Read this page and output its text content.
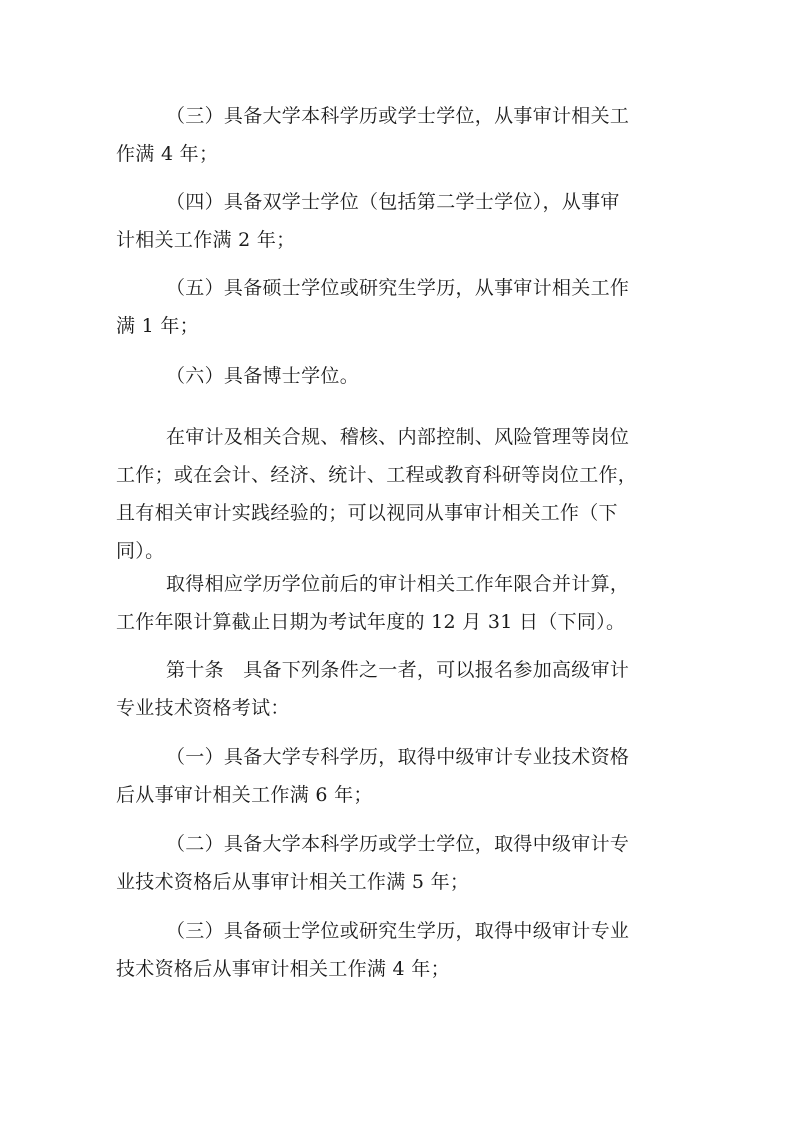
（三）具备大学本科学历或学士学位，从事审计相关工
作满 4 年；
（四）具备双学士学位（包括第二学士学位），从事审
计相关工作满 2 年；
（五）具备硕士学位或研究生学历，从事审计相关工作
满 1 年；
（六）具备博士学位。
在审计及相关合规、稽核、内部控制、风险管理等岗位
工作；或在会计、经济、统计、工程或教育科研等岗位工作，
且有相关审计实践经验的；可以视同从事审计相关工作（下
同）。
取得相应学历学位前后的审计相关工作年限合并计算，
工作年限计算截止日期为考试年度的 12 月 31 日（下同）。
第十条　具备下列条件之一者，可以报名参加高级审计
专业技术资格考试：
（一）具备大学专科学历，取得中级审计专业技术资格
后从事审计相关工作满 6 年；
（二）具备大学本科学历或学士学位，取得中级审计专
业技术资格后从事审计相关工作满 5 年；
（三）具备硕士学位或研究生学历，取得中级审计专业
技术资格后从事审计相关工作满 4 年；
